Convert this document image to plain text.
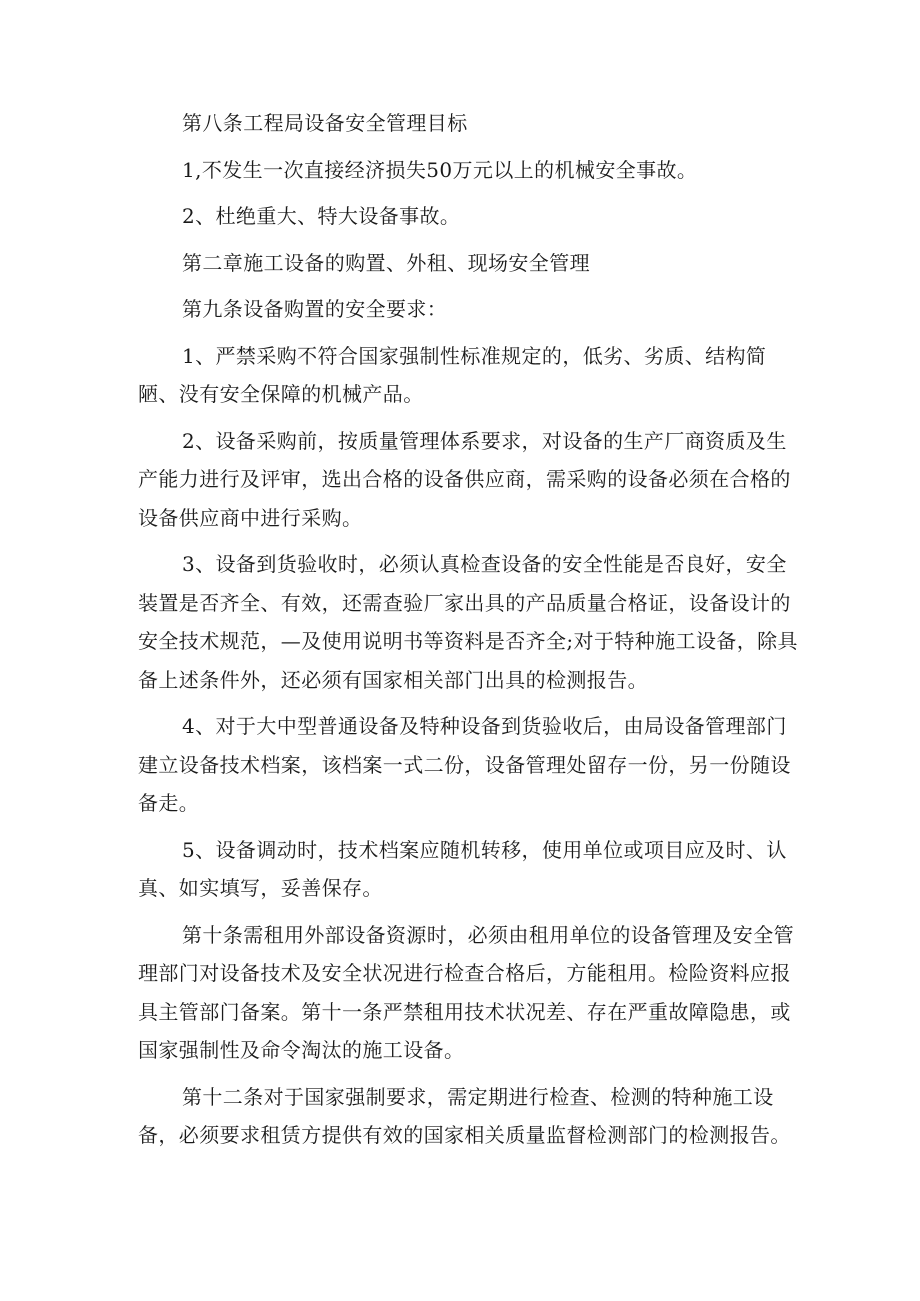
第八条工程局设备安全管理目标

1,不发生一次直接经济损失50万元以上的机械安全事故。

2、杜绝重大、特大设备事故。

第二章施工设备的购置、外租、现场安全管理

第九条设备购置的安全要求：

1、严禁采购不符合国家强制性标准规定的，低劣、劣质、结构简陋、没有安全保障的机械产品。

2、设备采购前，按质量管理体系要求，对设备的生产厂商资质及生产能力进行及评审，选出合格的设备供应商，需采购的设备必须在合格的设备供应商中进行采购。

3、设备到货验收时，必须认真检查设备的安全性能是否良好，安全装置是否齐全、有效，还需查验厂家出具的产品质量合格证，设备设计的安全技术规范，—及使用说明书等资料是否齐全;对于特种施工设备，除具备上述条件外，还必须有国家相关部门出具的检测报告。

4、对于大中型普通设备及特种设备到货验收后，由局设备管理部门建立设备技术档案，该档案一式二份，设备管理处留存一份，另一份随设备走。

5、设备调动时，技术档案应随机转移，使用单位或项目应及时、认真、如实填写，妥善保存。

第十条需租用外部设备资源时，必须由租用单位的设备管理及安全管理部门对设备技术及安全状况进行检查合格后，方能租用。检险资料应报具主管部门备案。第十一条严禁租用技术状况差、存在严重故障隐患，或国家强制性及命令淘汰的施工设备。

第十二条对于国家强制要求，需定期进行检查、检测的特种施工设备，必须要求租赁方提供有效的国家相关质量监督检测部门的检测报告。
